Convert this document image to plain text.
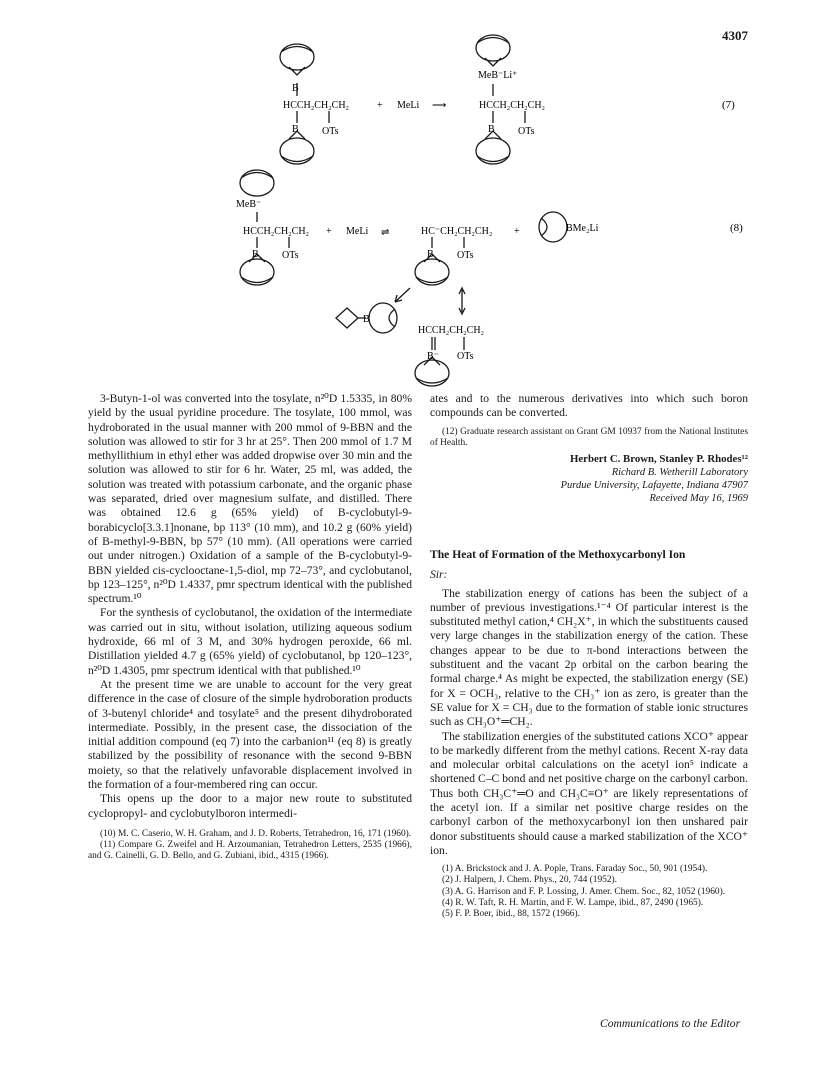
4307
B
HCCH₂CH₂CH₂
B OTs
+ MeLi ⟶
MeB⁻Li⁺
HCCH₂CH₂CH₂
B OTs
(7)
MeB⁻
HCCH₂CH₂CH₂
B OTs
+ MeLi ⇌	HC⁻CH₂CH₂CH₂
B OTs
+	BMe₂Li	(8)
B
HCCH₂CH₂CH₂
B⁻ OTs

3-Butyn-1-ol was converted into the tosylate, n²⁰D 1.5335, in 80% yield by the usual pyridine procedure. The tosylate, 100 mmol, was hydroborated in the usual manner with 200 mmol of 9-BBN and the solution was allowed to stir for 3 hr at 25°. Then 200 mmol of 1.7 M methyllithium in ethyl ether was added dropwise over 30 min and the solution was allowed to stir for 6 hr. Water, 25 ml, was added, the solution was treated with potassium carbonate, and the organic phase was separated, dried over magnesium sulfate, and distilled. There was obtained 12.6 g (65% yield) of B-cyclobutyl-9-borabicyclo[3.3.1]nonane, bp 113° (10 mm), and 10.2 g (60% yield) of B-methyl-9-BBN, bp 57° (10 mm). (All operations were carried out under nitrogen.) Oxidation of a sample of the B-cyclobutyl-9-BBN yielded cis-cyclooctane-1,5-diol, mp 72–73°, and cyclobutanol, bp 123–125°, n²⁰D 1.4337, pmr spectrum identical with the published spectrum.¹⁰

For the synthesis of cyclobutanol, the oxidation of the intermediate was carried out in situ, without isolation, utilizing aqueous sodium hydroxide, 66 ml of 3 M, and 30% hydrogen peroxide, 66 ml. Distillation yielded 4.7 g (65% yield) of cyclobutanol, bp 120–123°, n²⁰D 1.4305, pmr spectrum identical with that published.¹⁰

At the present time we are unable to account for the very great difference in the case of closure of the simple hydroboration products of 3-butenyl chloride⁴ and tosylate⁵ and the present dihydroborated intermediate. Possibly, in the present case, the dissociation of the initial addition compound (eq 7) into the carbanion¹¹ (eq 8) is greatly stabilized by the possibility of resonance with the second 9-BBN moiety, so that the relatively unfavorable displacement involved in the formation of a four-membered ring can occur.

This opens up the door to a major new route to substituted cyclopropyl- and cyclobutylboron intermedi-

(10) M. C. Caserio, W. H. Graham, and J. D. Roberts, Tetrahedron, 16, 171 (1960).

(11) Compare G. Zweifel and H. Arzoumanian, Tetrahedron Letters, 2535 (1966), and G. Cainelli, G. D. Bello, and G. Zubiani, ibid., 4315 (1966).

ates and to the numerous derivatives into which such boron compounds can be converted.

(12) Graduate research assistant on Grant GM 10937 from the National Institutes of Health.

Herbert C. Brown, Stanley P. Rhodes¹²
Richard B. Wetherill Laboratory
Purdue University, Lafayette, Indiana 47907
Received May 16, 1969
The Heat of Formation of the Methoxycarbonyl Ion
Sir:

The stabilization energy of cations has been the subject of a number of previous investigations.¹⁻⁴ Of particular interest is the substituted methyl cation,⁴ CH₂X⁺, in which the substituents caused very large changes in the stabilization energy of the cation. These changes appear to be due to π-bond interactions between the substituent and the vacant 2p orbital on the carbon bearing the formal charge.⁴ As might be expected, the stabilization energy (SE) for X = OCH₃, relative to the CH₃⁺ ion as zero, is greater than the SE value for X = CH₃ due to the formation of stable ionic structures such as CH₃O⁺═CH₂.

The stabilization energies of the substituted cations XCO⁺ appear to be markedly different from the methyl cations. Recent X-ray data and molecular orbital calculations on the acetyl ion⁵ indicate a shortened C–C bond and net positive charge on the carbonyl carbon. Thus both CH₃C⁺═O and CH₃C≡O⁺ are likely representations of the acetyl ion. If a similar net positive charge resides on the carbonyl carbon of the methoxycarbonyl ion then unshared pair donor substituents should cause a marked stabilization of the XCO⁺ ion.

(1) A. Brickstock and J. A. Pople, Trans. Faraday Soc., 50, 901 (1954).

(2) J. Halpern, J. Chem. Phys., 20, 744 (1952).

(3) A. G. Harrison and F. P. Lossing, J. Amer. Chem. Soc., 82, 1052 (1960).

(4) R. W. Taft, R. H. Martin, and F. W. Lampe, ibid., 87, 2490 (1965).

(5) F. P. Boer, ibid., 88, 1572 (1966).

Communications to the Editor
